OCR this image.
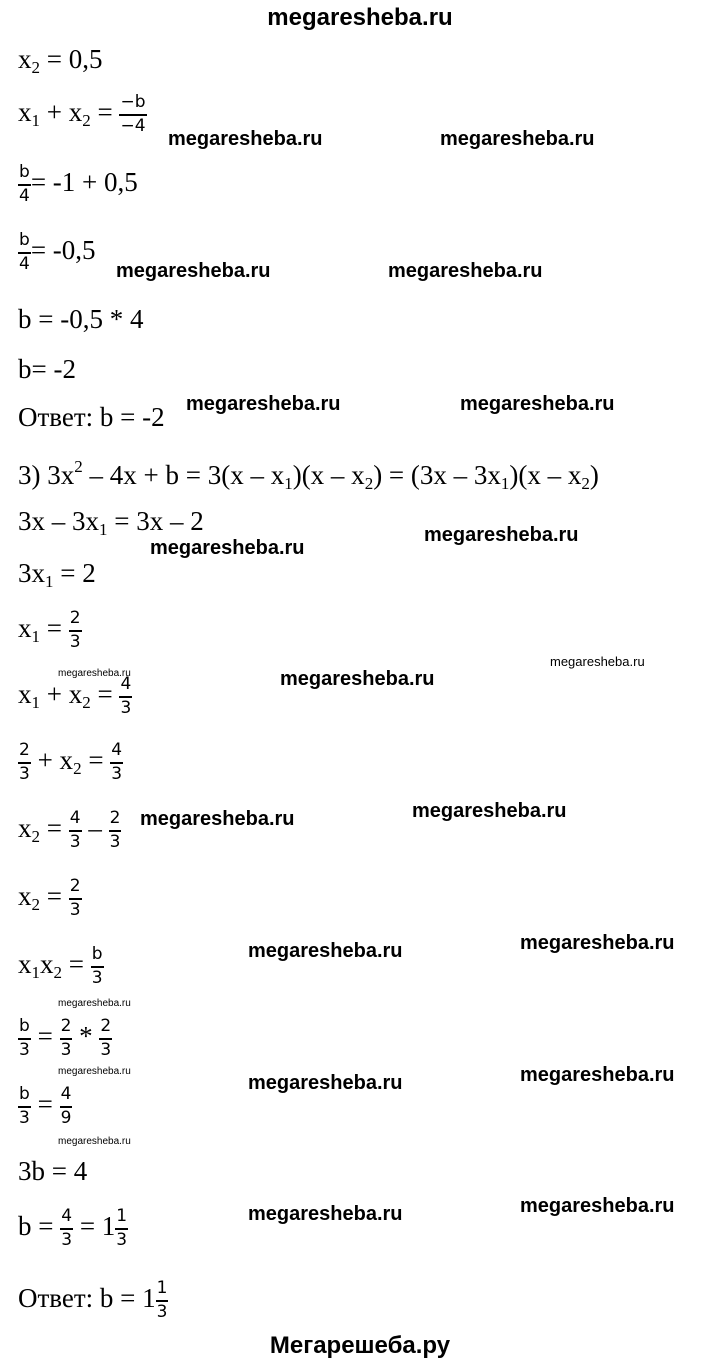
megaresheba.ru
$x_2 = 0,5$
$x_1 + x_2 = \frac{-b}{-4}$
$\frac{b}{4} = -1 + 0,5$
$\frac{b}{4} = -0,5$
b = -0,5 * 4
b= -2
Ответ: b = -2
3) $3x^2 - 4x + b = 3(x - x_1)(x - x_2) = (3x - 3x_1)(x - x_2)$
$3x - 3x_1 = 3x - 2$
$3x_1 = 2$
$x_1 = \frac{2}{3}$
$x_1 + x_2 = \frac{4}{3}$
$\frac{2}{3} + x_2 = \frac{4}{3}$
$x_2 = \frac{4}{3} - \frac{2}{3}$
$x_2 = \frac{2}{3}$
$x_1x_2 = \frac{b}{3}$
$\frac{b}{3} = \frac{2}{3} * \frac{2}{3}$
$\frac{b}{3} = \frac{4}{9}$
3b = 4
$b = \frac{4}{3} = 1 \frac{1}{3}$
Ответ: $b = 1 \frac{1}{3}$
megaresheba.ru	megaresheba.ru
megaresheba.ru	megaresheba.ru
megaresheba.ru	megaresheba.ru
megaresheba.ru
megaresheba.ru
megaresheba.ru
megaresheba.ru	megaresheba.ru
megaresheba.ru	megaresheba.ru
megaresheba.ru	megaresheba.ru
megaresheba.ru
megaresheba.ru
megaresheba.ru	megaresheba.ru
megaresheba.ru
megaresheba.ru	megaresheba.ru
Мегарешеба.ру
